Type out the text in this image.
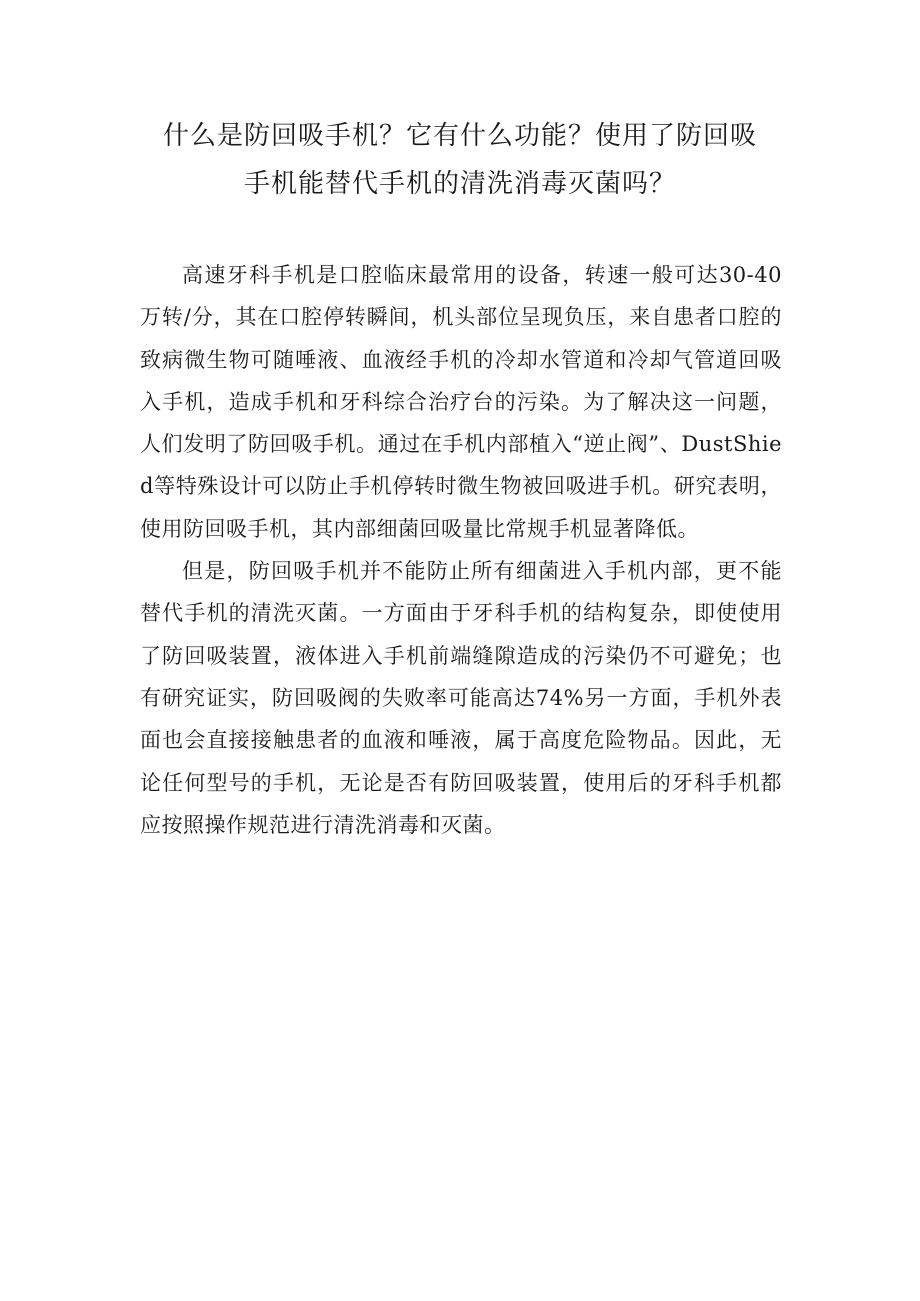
什么是防回吸手机？它有什么功能？使用了防回吸
手机能替代手机的清洗消毒灭菌吗？

高速牙科手机是口腔临床最常用的设备，转速一般可达30-40万转/分，其在口腔停转瞬间，机头部位呈现负压，来自患者口腔的致病微生物可随唾液、血液经手机的冷却水管道和冷却气管道回吸入手机，造成手机和牙科综合治疗台的污染。为了解决这一问题，人们发明了防回吸手机。通过在手机内部植入“逆止阀”、DustShied等特殊设计可以防止手机停转时微生物被回吸进手机。研究表明，使用防回吸手机，其内部细菌回吸量比常规手机显著降低。

但是，防回吸手机并不能防止所有细菌进入手机内部，更不能替代手机的清洗灭菌。一方面由于牙科手机的结构复杂，即使使用了防回吸装置，液体进入手机前端缝隙造成的污染仍不可避免；也有研究证实，防回吸阀的失败率可能高达74%另一方面，手机外表面也会直接接触患者的血液和唾液，属于高度危险物品。因此，无论任何型号的手机，无论是否有防回吸装置，使用后的牙科手机都应按照操作规范进行清洗消毒和灭菌。
